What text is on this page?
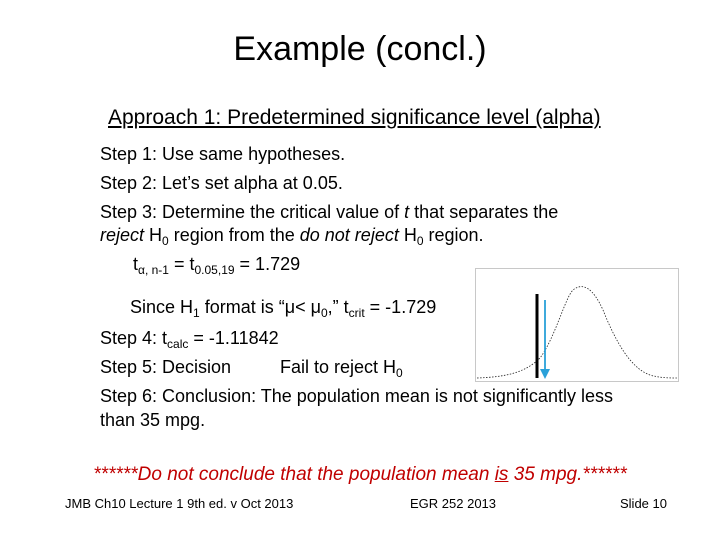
Example (concl.)
Approach 1: Predetermined significance level (alpha)
Step 1: Use same hypotheses.
Step 2: Let’s set alpha at 0.05.
Step 3: Determine the critical value of t that separates the
reject $H_0$ region from the do not reject $H_0$ region.
$t_{\alpha, n-1} = t_{0.05,19} = 1.729$
Since $H_1$ format is “$\mu< \mu_0$,” $t_{crit} = -1.729$
Step 4: $t_{calc} = -1.11842$
Step 5: Decision	Fail to reject $H_0$
Step 6: Conclusion: The population mean is not significantly less
than 35 mpg.
******Do not conclude that the population mean is 35 mpg.******
JMB Ch10 Lecture 1 9th ed. v Oct 2013	EGR 252 2013	Slide 10
